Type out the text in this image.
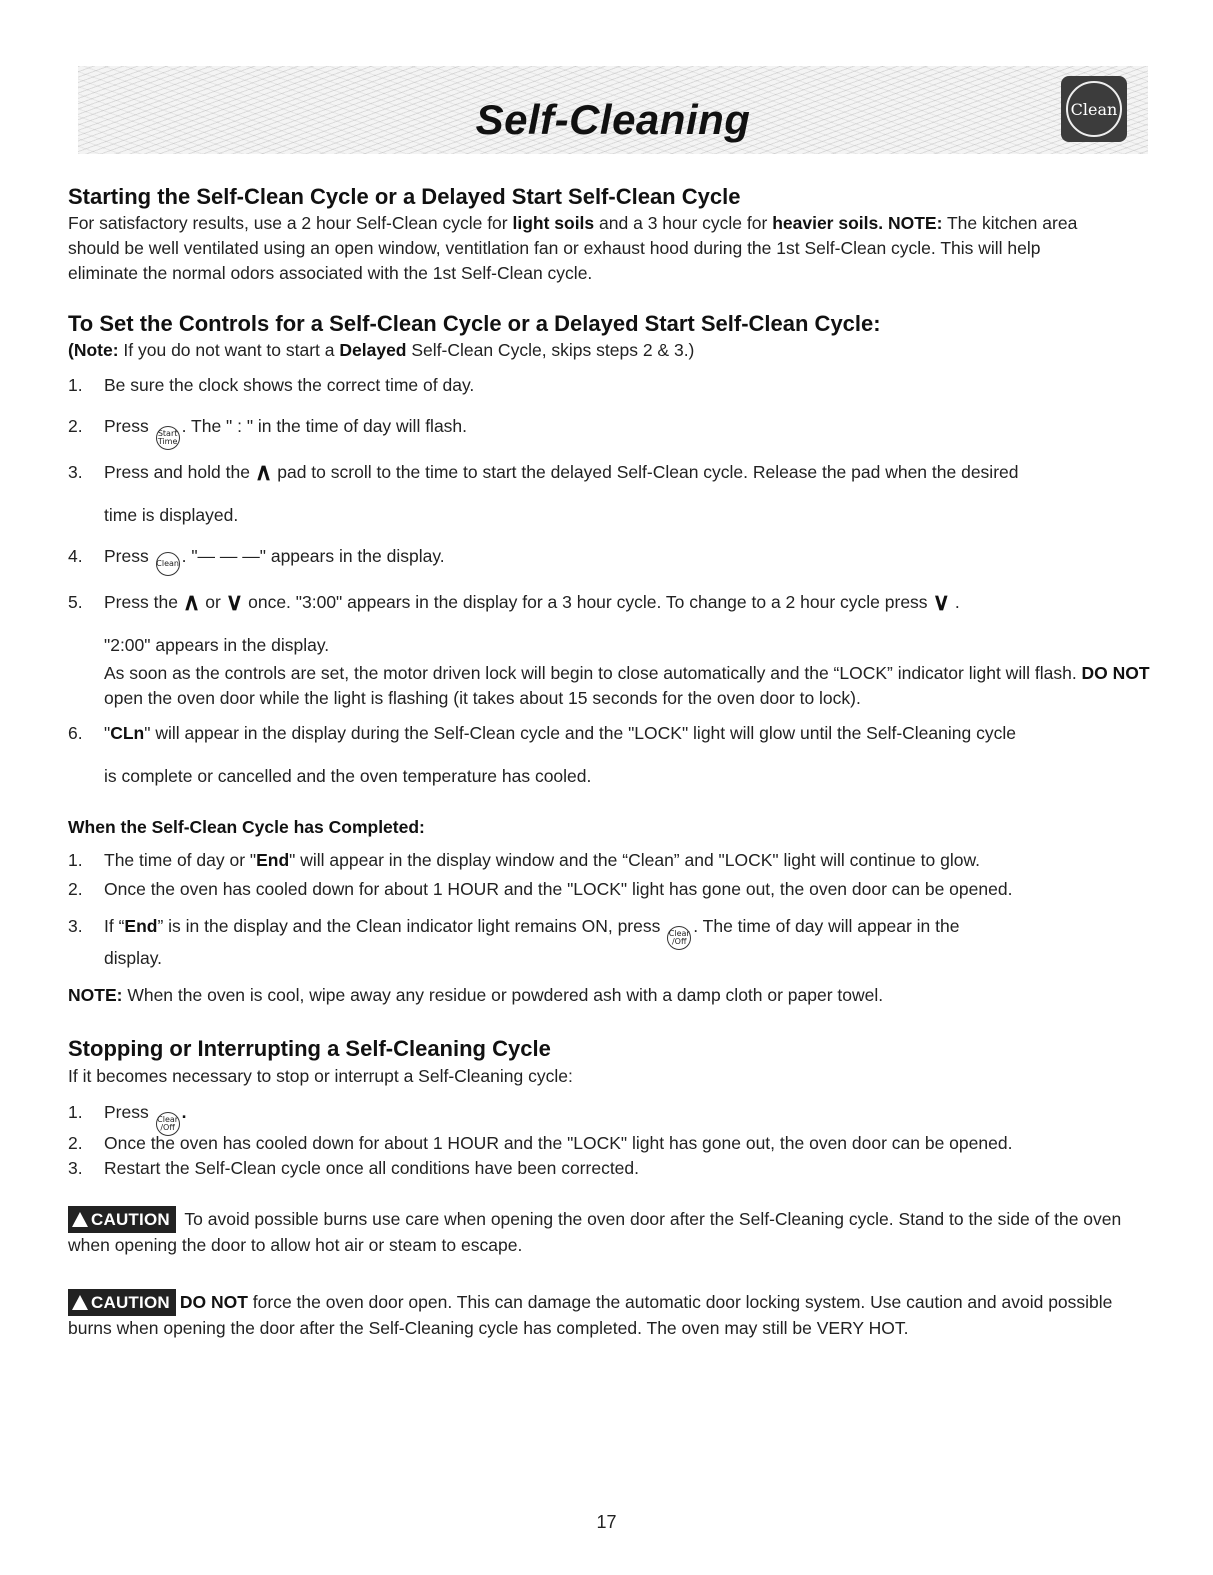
Self-Cleaning	Clean
Starting the Self-Clean Cycle or a Delayed Start Self-Clean Cycle
For satisfactory results, use a 2 hour Self-Clean cycle for light soils and a 3 hour cycle for heavier soils. NOTE: The kitchen area should be well ventilated using an open window, ventitlation fan or exhaust hood during the 1st Self-Clean cycle. This will help eliminate the normal odors associated with the 1st Self-Clean cycle.
To Set the Controls for a Self-Clean Cycle or a Delayed Start Self-Clean Cycle:
(Note: If you do not want to start a Delayed Self-Clean Cycle, skips steps 2 & 3.)
1.	Be sure the clock shows the correct time of day.
2.	Press Start Time. The " : " in the time of day will flash.
3.	Press and hold the ∧ pad to scroll to the time to start the delayed Self-Clean cycle. Release the pad when the desired
time is displayed.
4.	Press Clean . "— — —" appears in the display.
5.	Press the ∧ or ∨ once. "3:00" appears in the display for a 3 hour cycle. To change to a 2 hour cycle press ∨ .
"2:00" appears in the display.
As soon as the controls are set, the motor driven lock will begin to close automatically and the “LOCK” indicator light will flash. DO NOT open the oven door while the light is flashing (it takes about 15 seconds for the oven door to lock).
6.	"CLn" will appear in the display during the Self-Clean cycle and the "LOCK" light will glow until the Self-Cleaning cycle
is complete or cancelled and the oven temperature has cooled.
When the Self-Clean Cycle has Completed:
1.	The time of day or "End" will appear in the display window and the “Clean” and "LOCK" light will continue to glow.
2.	Once the oven has cooled down for about 1 HOUR and the "LOCK" light has gone out, the oven door can be opened.
3.	If “End” is in the display and the Clean indicator light remains ON, press Clear /Off. The time of day will appear in the
display.
NOTE: When the oven is cool, wipe away any residue or powdered ash with a damp cloth or paper towel.
Stopping or Interrupting a Self-Cleaning Cycle
If it becomes necessary to stop or interrupt a Self-Cleaning cycle:
1.	Press Clear /Off.
2.	Once the oven has cooled down for about 1 HOUR and the "LOCK" light has gone out, the oven door can be opened.
3.	Restart the Self-Clean cycle once all conditions have been corrected.
CAUTION To avoid possible burns use care when opening the oven door after the Self-Cleaning cycle. Stand to the side of the oven when opening the door to allow hot air or steam to escape.
CAUTION DO NOT force the oven door open. This can damage the automatic door locking system. Use caution and avoid possible burns when opening the door after the Self-Cleaning cycle has completed. The oven may still be VERY HOT.
17
